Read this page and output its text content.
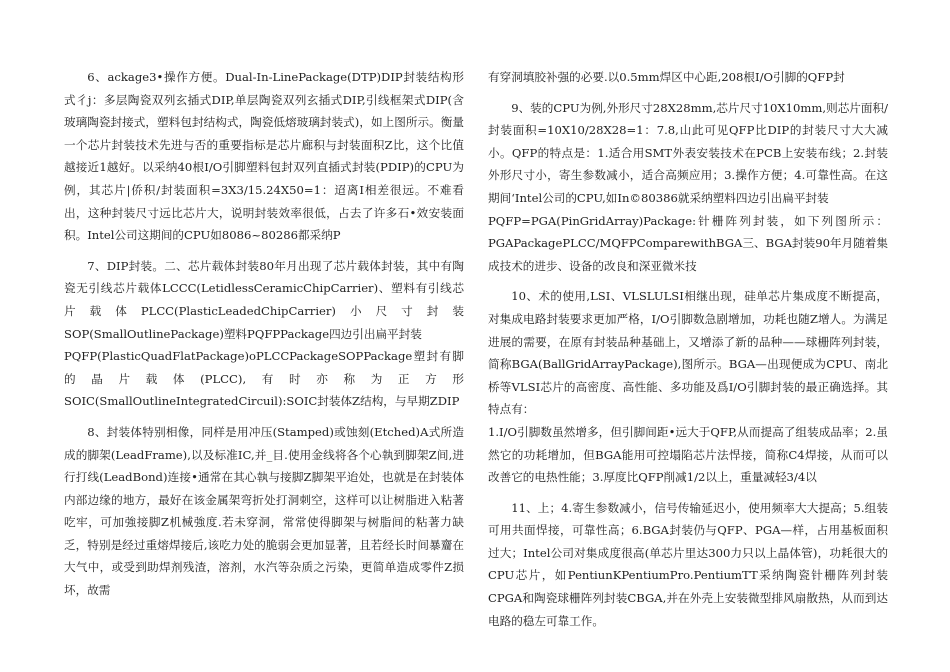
6、ackage3•操作方便。Dual-In-LinePackage(DTP)DIP封装结构形式彳j：多层陶瓷双列玄插式DIP,单层陶瓷双列玄插式DIP,引线框架式DIP(含玻璃陶瓷封接式，塑料包封结构式，陶瓷低熔玻璃封装式)，如上图所示。衡量一个芯片封装技术先进与否的重要指标是芯片廊积与封装面积Z比，这个比值越接近1越好。以采纳40根I/O引脚塑料包封双列直插式封装(PDIP)的CPU为例，其芯片|侨积/封装面积=3X3/15.24X50=1：迢离I相差很远。不难看出，这种封装尺寸远比芯片大，说明封装效率很低，占去了许多石•效安装面积。Intel公司这期间的CPU如8086~80286都采纳P

7、DIP封装。二、芯片载体封装80年月出现了芯片载体封装，其中有陶瓷无引线芯片载体LCCC(LetidlessCeramicChipCarrier)、塑料有引线芯片载体PLCC(PlasticLeadedChipCarrier)小尺寸封装SOP(SmallOutlinePackage)塑料PQFPPackage四边引出扁平封装

PQFP(PlasticQuadFlatPackage)oPLCCPackageSOPPackage塑封有脚的晶片载体(PLCC),有时亦称为正方形SOIC(SmallOutlineIntegratedCircuil):SOIC封装体Z结构，与早期ZDIP

8、封装体特别相像，同样是用冲压(Stamped)或蚀刻(Etched)A式所造成的脚架(LeadFrame),以及标准IC,并_目.使用金线将各个心執到脚架Z间,进行打线(LeadBond)连接•通常在其心執与接脚Z脚架平迨处，也就是在封装体内部边缘的地方，最好在该金属架弯折处打洞刺空，这样可以让树脂进入粘著吃牢，可加強接脚Z机械強度.若未穿洞，常常使得脚架与树脂间的粘著力缺乏，特别是经过重熔焊接后,该吃力处的脆弱会更加显著，且若经长时间暴齏在大气中，或受到助焊剂残渣，溶剂，水汽等杂质之污染，更简单造成零件Z损坏，故需

有穿洞填胶补强的必要.以0.5mm焊区中心距,208根I/O引脚的QFP封

9、装的CPU为例,外形尺寸28X28mm,芯片尺寸10X10mm,则芯片面积/封装面积=10X10/28X28=1：7.8,山此可见QFP比DIP的封装尺寸大大减小。QFP的特点是：1.适合用SMT外表安装技术在PCB上安装布线；2.封装外形尺寸小，寄生参数减小，适合高频应用；3.操作方便；4.可靠性高。在这期间‘Intel公司的CPU,如In©80386就采纳塑料四边引出扁平封装

PQFP=PGA(PinGridArray)Package:针栅阵列封装，如下列图所示：PGAPackagePLCC/MQFPComparewithBGA三、BGA封装90年月随着集成技术的进步、设备的改良和深亚微米技

10、术的使用,LSI、VLSLULSI相继出现，硅单芯片集成度不断提高，对集成电路封装要求更加严格，I/O引脚数急剧增加，功耗也随Z增人。为满足进展的需要，在原有封装品种基础上，又增添了新的品种——球栅阵列封装，简称BGA(BallGridArrayPackage),图所示。BGA—出现便成为CPU、南北桥等VLSI芯片的高密度、高性能、多功能及爲I/O引脚封装的最正确选择。其特点有：

1.I/O引脚数虽然增多，但引脚间距•远大于QFP,从而提高了组装成品率；2.虽然它的功耗增加，但BGA能用可控塌陷芯片法悍接，简称C4焊接，从而可以改善它的电热性能；3.厚度比QFP削减1/2以上，重量减轻3/4以

11、上；4.寄生参数减小，信号传输延迟小，使用频率大大提高；5.组装可用共面悍接，可靠性高；6.BGA封装仍与QFP、PGA—样，占用基板面积过大；Intel公司对集成度很高(单芯片里达300力只以上晶体管)，功耗很大的CPU芯片，如PentiunKPentiumPro.PentiumTT采纳陶瓷针栅阵列封装CPGA和陶瓷球栅阵列封装CBGA,并在外壳上安装微型排风扇散热，从而到达电路的稳左可靠工作。
